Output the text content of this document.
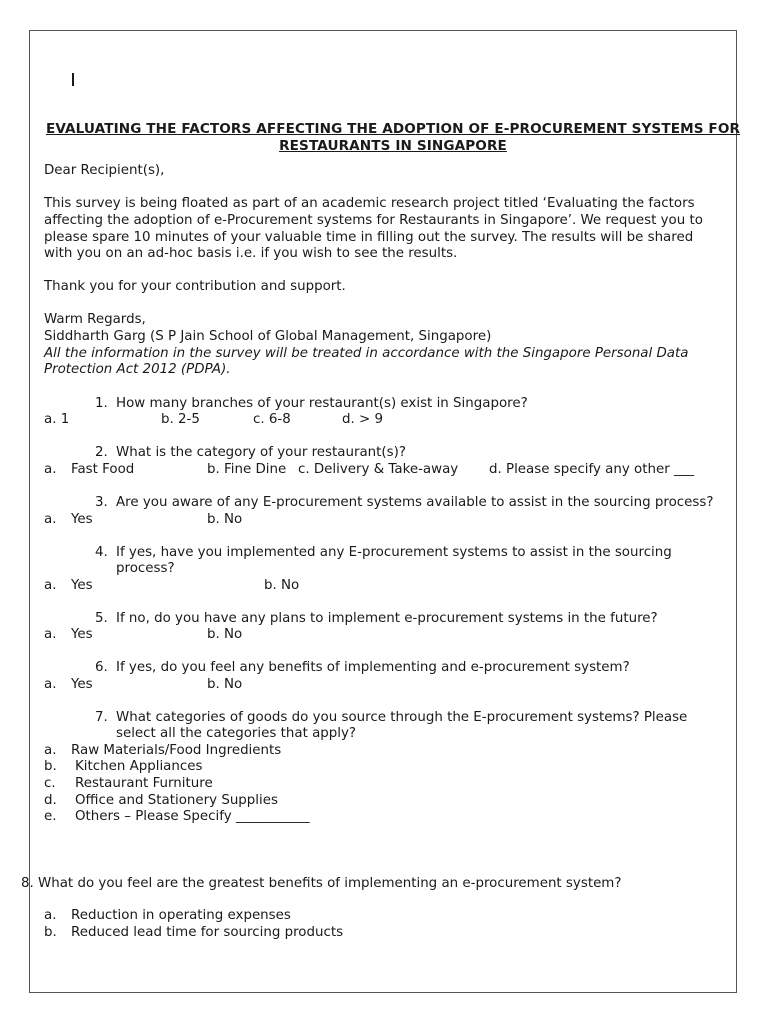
EVALUATING THE FACTORS AFFECTING THE ADOPTION OF E-PROCUREMENT SYSTEMS FOR
RESTAURANTS IN SINGAPORE
Dear Recipient(s),
This survey is being floated as part of an academic research project titled ‘Evaluating the factors
affecting the adoption of e-Procurement systems for Restaurants in Singapore’. We request you to
please spare 10 minutes of your valuable time in filling out the survey. The results will be shared
with you on an ad-hoc basis i.e. if you wish to see the results.
Thank you for your contribution and support.
Warm Regards,
Siddharth Garg (S P Jain School of Global Management, Singapore)
All the information in the survey will be treated in accordance with the Singapore Personal Data
Protection Act 2012 (PDPA).
1. How many branches of your restaurant(s) exist in Singapore?
a. 1	b. 2-5	c. 6-8	d. > 9
2. What is the category of your restaurant(s)?
a. Fast Food	b. Fine Dine c. Delivery & Take-away d. Please specify any other ___
3. Are you aware of any E-procurement systems available to assist in the sourcing process?
a. Yes	b. No
4. If yes, have you implemented any E-procurement systems to assist in the sourcing
process?
a. Yes	b. No
5. If no, do you have any plans to implement e-procurement systems in the future?
a. Yes	b. No
6. If yes, do you feel any benefits of implementing and e-procurement system?
a. Yes	b. No
7. What categories of goods do you source through the E-procurement systems? Please
select all the categories that apply?
a. Raw Materials/Food Ingredients
b. Kitchen Appliances
c. Restaurant Furniture
d. Office and Stationery Supplies
e. Others – Please Specify ___________
8. What do you feel are the greatest benefits of implementing an e-procurement system?
a. Reduction in operating expenses
b. Reduced lead time for sourcing products
